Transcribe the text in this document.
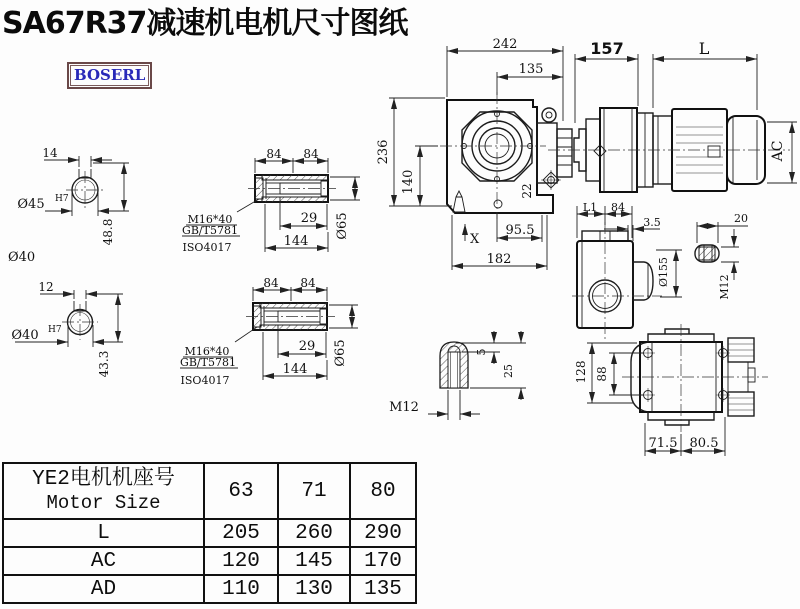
SA67R37减速机电机尺寸图纸
BOSERL
14
Ø45 H7
48.8
Ø40
12
Ø40 H7
43.3
84 84
29
144
Ø65
M16*40
GB/T5781
ISO4017
84 84
29
144
Ø65
M16*40
GB/T5781
ISO4017
242
135
236
140	22
X
95.5
182
157	L
AC
L1 84
3.5	20
Ø155	M12
5
25
M12
128 88
71.5 80.5
YE2电机机座号
Motor Size	63	71	80
L	205	260	290
AC	120	145	170
AD	110	130	135
